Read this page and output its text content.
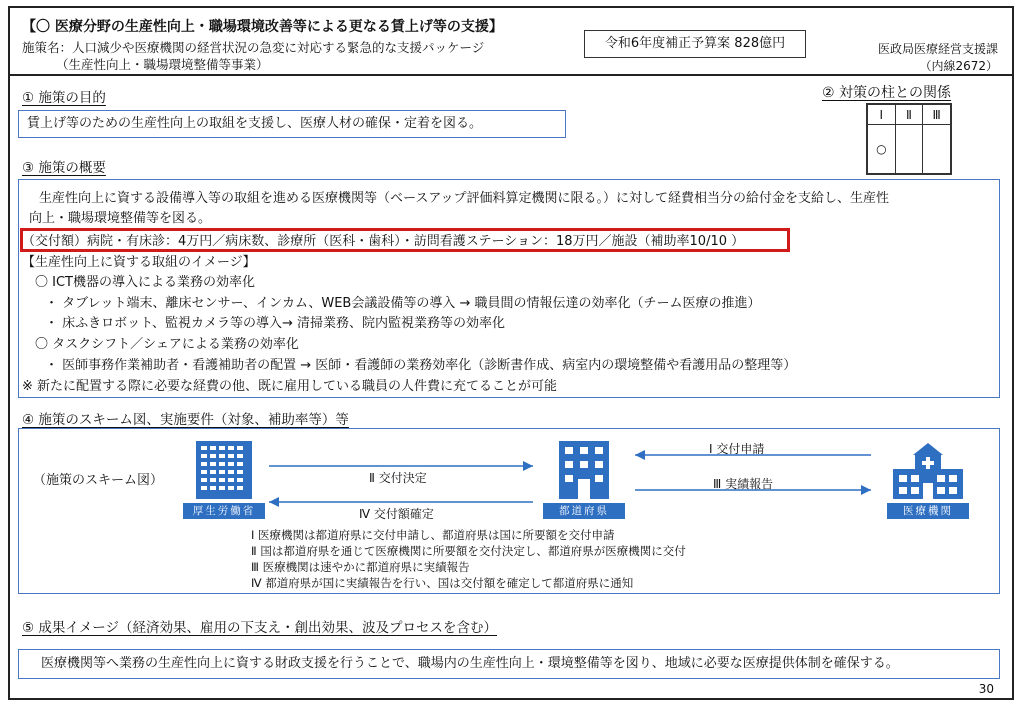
【〇 医療分野の生産性向上・職場環境改善等による更なる賃上げ等の支援】
施策名：人口減少や医療機関の経営状況の急変に対応する緊急的な支援パッケージ
（生産性向上・職場環境整備等事業）
令和6年度補正予算案 828億円	医政局医療経営支援課
（内線2672）
① 施策の目的
賃上げ等のための生産性向上の取組を支援し、医療人材の確保・定着を図る。
② 対策の柱との関係
Ⅰ	Ⅱ	Ⅲ
○		
③ 施策の概要
生産性向上に資する設備導入等の取組を進める医療機関等（ベースアップ評価料算定機関に限る。）に対して経費相当分の給付金を支給し、生産性
向上・職場環境整備等を図る。
（交付額）病院・有床診：4万円／病床数、診療所（医科・歯科）・訪問看護ステーション：18万円／施設（補助率10/10 ）
【生産性向上に資する取組のイメージ】
〇 ICT機器の導入による業務の効率化
・ タブレット端末、離床センサー、インカム、WEB会議設備等の導入 → 職員間の情報伝達の効率化（チーム医療の推進）
・ 床ふきロボット、監視カメラ等の導入→ 清掃業務、院内監視業務等の効率化
〇 タスクシフト／シェアによる業務の効率化
・ 医師事務作業補助者・看護補助者の配置 → 医師・看護師の業務効率化（診断書作成、病室内の環境整備や看護用品の整理等）
※ 新たに配置する際に必要な経費の他、既に雇用している職員の人件費に充てることが可能
④ 施策のスキーム図、実施要件（対象、補助率等）等
（施策のスキーム図）
厚生労働省	都道府県	医療機関
Ⅰ 交付申請
Ⅱ 交付決定	Ⅲ 実績報告
Ⅳ 交付額確定
Ⅰ 医療機関は都道府県に交付申請し、都道府県は国に所要額を交付申請
Ⅱ 国は都道府県を通じて医療機関に所要額を交付決定し、都道府県が医療機関に交付
Ⅲ 医療機関は速やかに都道府県に実績報告
Ⅳ 都道府県が国に実績報告を行い、国は交付額を確定して都道府県に通知
⑤ 成果イメージ（経済効果、雇用の下支え・創出効果、波及プロセスを含む）
医療機関等へ業務の生産性向上に資する財政支援を行うことで、職場内の生産性向上・環境整備等を図り、地域に必要な医療提供体制を確保する。
30
